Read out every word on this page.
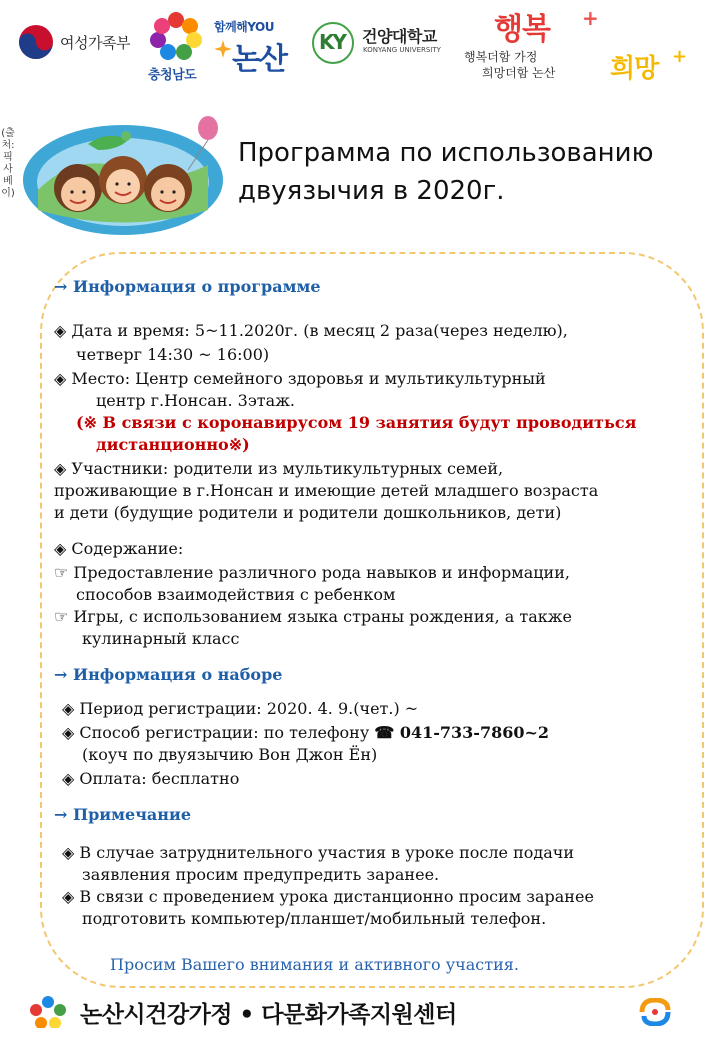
여성가족부
충청남도
함께해YOU
논산 KY 건양대학교
KONYANG UNIVERSITY
행복 +
행복더함 가정
희망더함 논산 희망 +
(출처: 픽사베이)
Программа по использованию двуязычия в 2020г.
→ Информация о программе
◈ Дата и время: 5~11.2020г. (в месяц 2 раза(через неделю),
четверг 14:30 ~ 16:00)
◈ Место: Центр семейного здоровья и мультикультурный
центр г.Нонсан. 3этаж.
(※ В связи с коронавирусом 19 занятия будут проводиться
дистанционно※)
◈ Участники: родители из мультикультурных семей,
проживающие в г.Нонсан и имеющие детей младшего возраста
и дети (будущие родители и родители дошкольников, дети)
◈ Содержание:
☞ Предоставление различного рода навыков и информации,
способов взаимодействия с ребенком
☞ Игры, с использованием языка страны рождения, а также
кулинарный класс
→ Информация о наборе
◈ Период регистрации: 2020. 4. 9.(чет.) ~
◈ Способ регистрации: по телефону ☎ 041-733-7860~2
(коуч по двуязычию Вон Джон Ён)
◈ Оплата: бесплатно
→ Примечание
◈ В случае затруднительного участия в уроке после подачи
заявления просим предупредить заранее.
◈ В связи с проведением урока дистанционно просим заранее
подготовить компьютер/планшет/мобильный телефон.
Просим Вашего внимания и активного участия.
논산시건강가정 • 다문화가족지원센터
